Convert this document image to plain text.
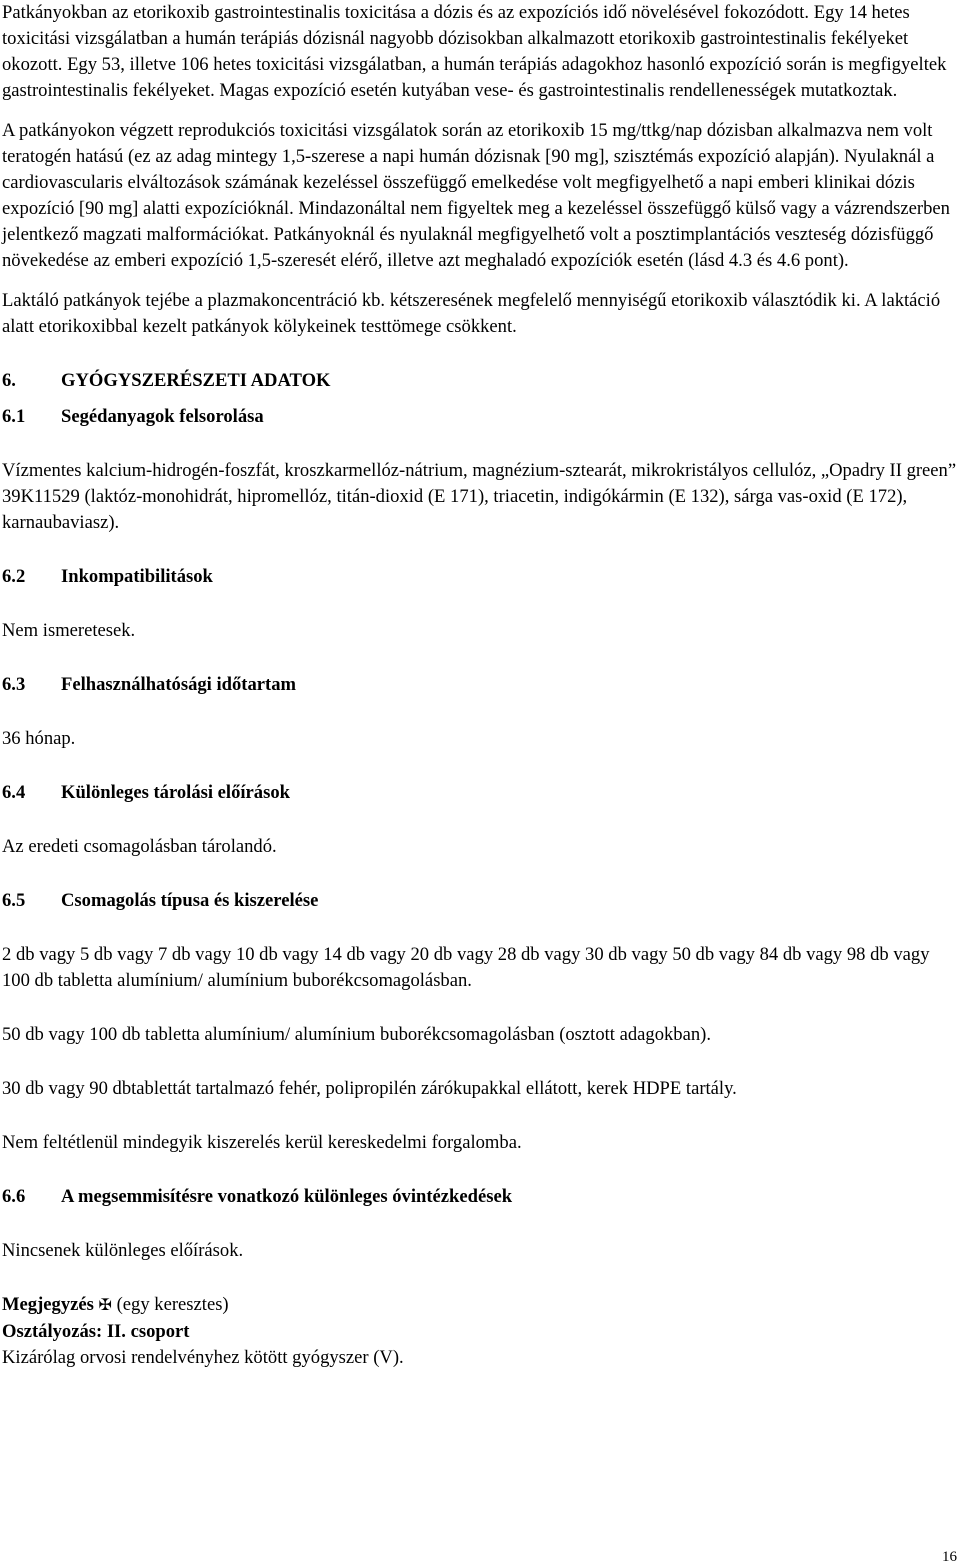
Patkányokban az etorikoxib gastrointestinalis toxicitása a dózis és az expozíciós idő növelésével fokozódott. Egy 14 hetes toxicitási vizsgálatban a humán terápiás dózisnál nagyobb dózisokban alkalmazott etorikoxib gastrointestinalis fekélyeket okozott. Egy 53, illetve 106 hetes toxicitási vizsgálatban, a humán terápiás adagokhoz hasonló expozíció során is megfigyeltek gastrointestinalis fekélyeket. Magas expozíció esetén kutyában vese- és gastrointestinalis rendellenességek mutatkoztak.

A patkányokon végzett reprodukciós toxicitási vizsgálatok során az etorikoxib 15 mg/ttkg/nap dózisban alkalmazva nem volt teratogén hatású (ez az adag mintegy 1,5-szerese a napi humán dózisnak [90 mg], szisztémás expozíció alapján). Nyulaknál a cardiovascularis elváltozások számának kezeléssel összefüggő emelkedése volt megfigyelhető a napi emberi klinikai dózis expozíció [90 mg] alatti expozícióknál. Mindazonáltal nem figyeltek meg a kezeléssel összefüggő külső vagy a vázrendszerben jelentkező magzati malformációkat. Patkányoknál és nyulaknál megfigyelhető volt a posztimplantációs veszteség dózisfüggő növekedése az emberi expozíció 1,5-szeresét elérő, illetve azt meghaladó expozíciók esetén (lásd 4.3 és 4.6 pont).

Laktáló patkányok tejébe a plazmakoncentráció kb. kétszeresének megfelelő mennyiségű etorikoxib választódik ki. A laktáció alatt etorikoxibbal kezelt patkányok kölykeinek testtömege csökkent.

6.	GYÓGYSZERÉSZETI ADATOK
6.1	Segédanyagok felsorolása

Vízmentes kalcium-hidrogén-foszfát, kroszkarmellóz-nátrium, magnézium-sztearát, mikrokristályos cellulóz, „Opadry II green” 39K11529 (laktóz-monohidrát, hipromellóz, titán-dioxid (E 171), triacetin, indigókármin (E 132), sárga vas-oxid (E 172), karnaubaviasz).

6.2	Inkompatibilitások

Nem ismeretesek.

6.3	Felhasználhatósági időtartam

36 hónap.

6.4	Különleges tárolási előírások

Az eredeti csomagolásban tárolandó.

6.5	Csomagolás típusa és kiszerelése

2 db vagy 5 db vagy 7 db vagy 10 db vagy 14 db vagy 20 db vagy 28 db vagy 30 db vagy 50 db vagy 84 db vagy 98 db vagy 100 db tabletta alumínium/ alumínium buborékcsomagolásban.

50 db vagy 100 db tabletta alumínium/ alumínium buborékcsomagolásban (osztott adagokban).

30 db vagy 90 dbtablettát tartalmazó fehér, polipropilén zárókupakkal ellátott, kerek HDPE tartály.

Nem feltétlenül mindegyik kiszerelés kerül kereskedelmi forgalomba.

6.6	A megsemmisítésre vonatkozó különleges óvintézkedések

Nincsenek különleges előírások.

Megjegyzés ✠ (egy keresztes)

Osztályozás: II. csoport

Kizárólag orvosi rendelvényhez kötött gyógyszer (V).

16
